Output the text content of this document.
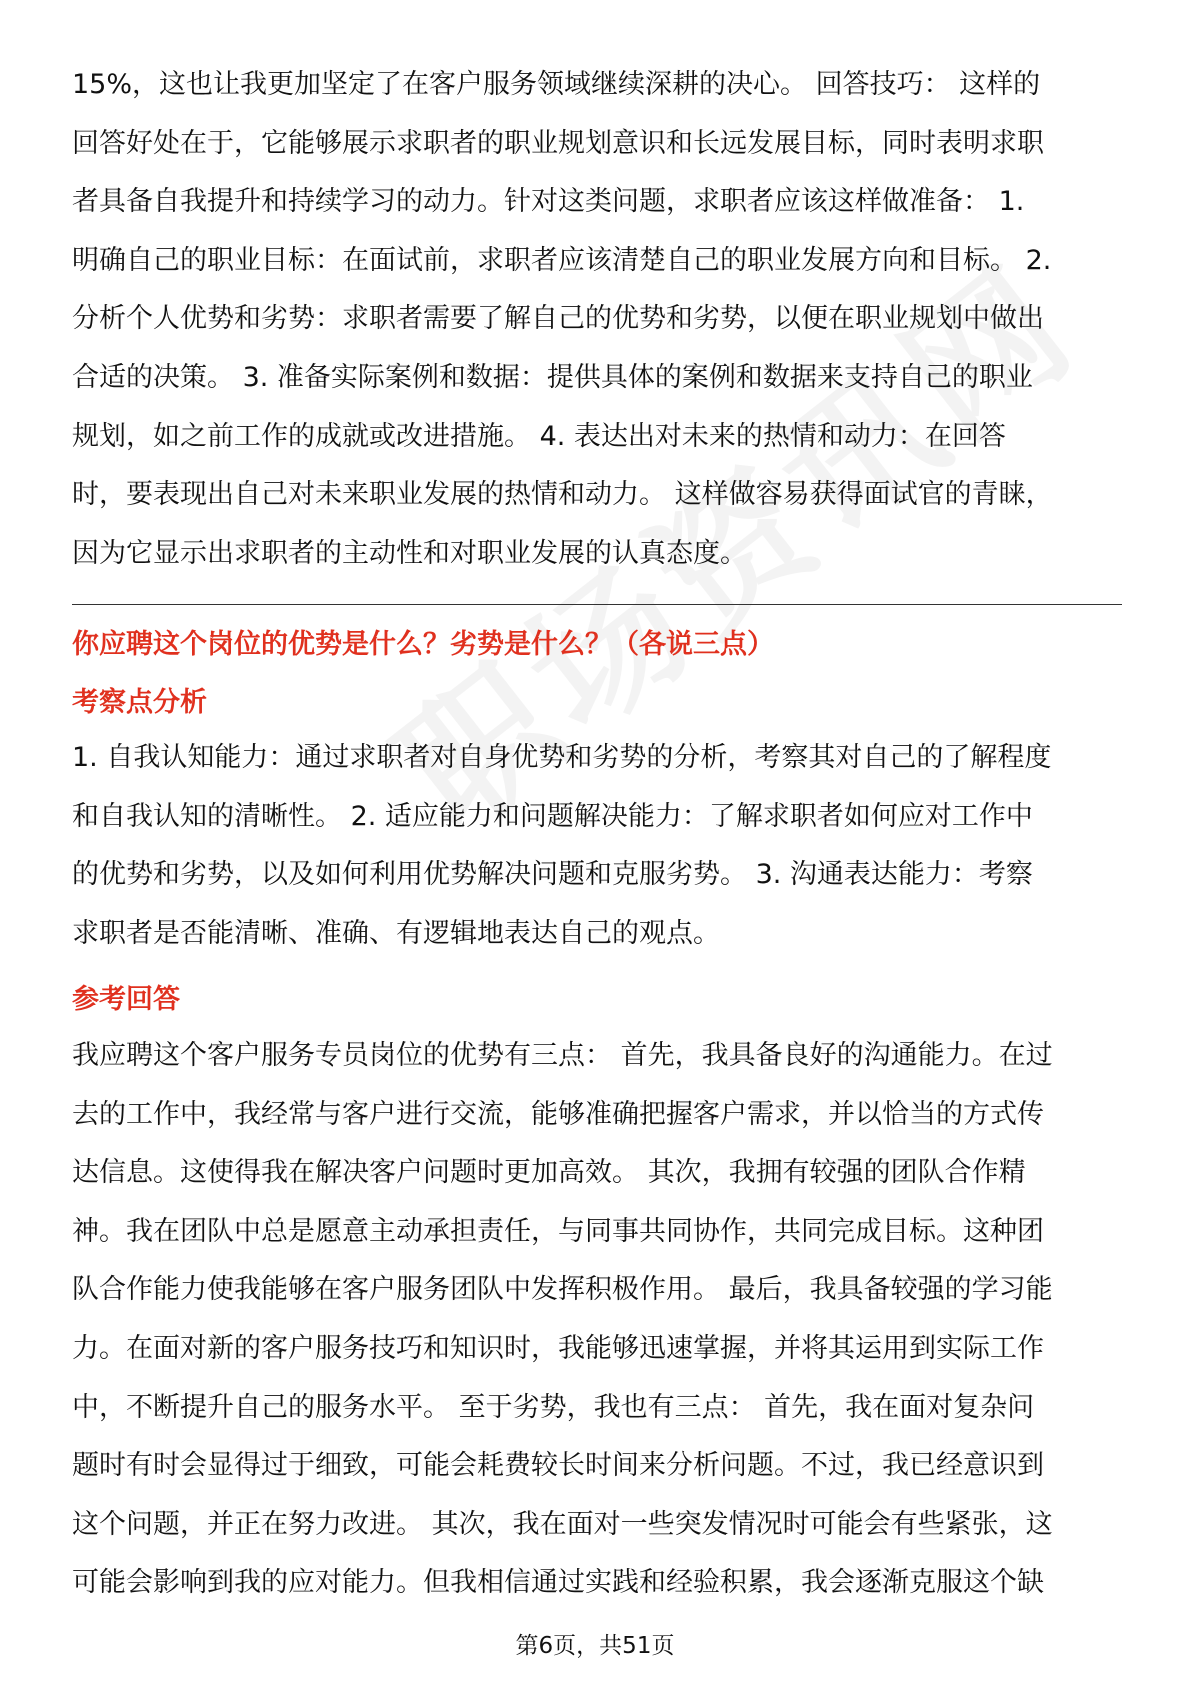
15%，这也让我更加坚定了在客户服务领域继续深耕的决心。 回答技巧： 这样的
回答好处在于，它能够展示求职者的职业规划意识和长远发展目标，同时表明求职
者具备自我提升和持续学习的动力。针对这类问题，求职者应该这样做准备： 1.
明确自己的职业目标：在面试前，求职者应该清楚自己的职业发展方向和目标。 2.
分析个人优势和劣势：求职者需要了解自己的优势和劣势，以便在职业规划中做出
合适的决策。 3. 准备实际案例和数据：提供具体的案例和数据来支持自己的职业
规划，如之前工作的成就或改进措施。 4. 表达出对未来的热情和动力：在回答
时，要表现出自己对未来职业发展的热情和动力。 这样做容易获得面试官的青睐，
因为它显示出求职者的主动性和对职业发展的认真态度。
你应聘这个岗位的优势是什么？劣势是什么？（各说三点）
考察点分析
1. 自我认知能力：通过求职者对自身优势和劣势的分析，考察其对自己的了解程度
和自我认知的清晰性。 2. 适应能力和问题解决能力：了解求职者如何应对工作中
的优势和劣势，以及如何利用优势解决问题和克服劣势。 3. 沟通表达能力：考察
求职者是否能清晰、准确、有逻辑地表达自己的观点。
参考回答
我应聘这个客户服务专员岗位的优势有三点： 首先，我具备良好的沟通能力。在过
去的工作中，我经常与客户进行交流，能够准确把握客户需求，并以恰当的方式传
达信息。这使得我在解决客户问题时更加高效。 其次，我拥有较强的团队合作精
神。我在团队中总是愿意主动承担责任，与同事共同协作，共同完成目标。这种团
队合作能力使我能够在客户服务团队中发挥积极作用。 最后，我具备较强的学习能
力。在面对新的客户服务技巧和知识时，我能够迅速掌握，并将其运用到实际工作
中，不断提升自己的服务水平。 至于劣势，我也有三点： 首先，我在面对复杂问
题时有时会显得过于细致，可能会耗费较长时间来分析问题。不过，我已经意识到
这个问题，并正在努力改进。 其次，我在面对一些突发情况时可能会有些紧张，这
可能会影响到我的应对能力。但我相信通过实践和经验积累，我会逐渐克服这个缺
第6页，共51页
